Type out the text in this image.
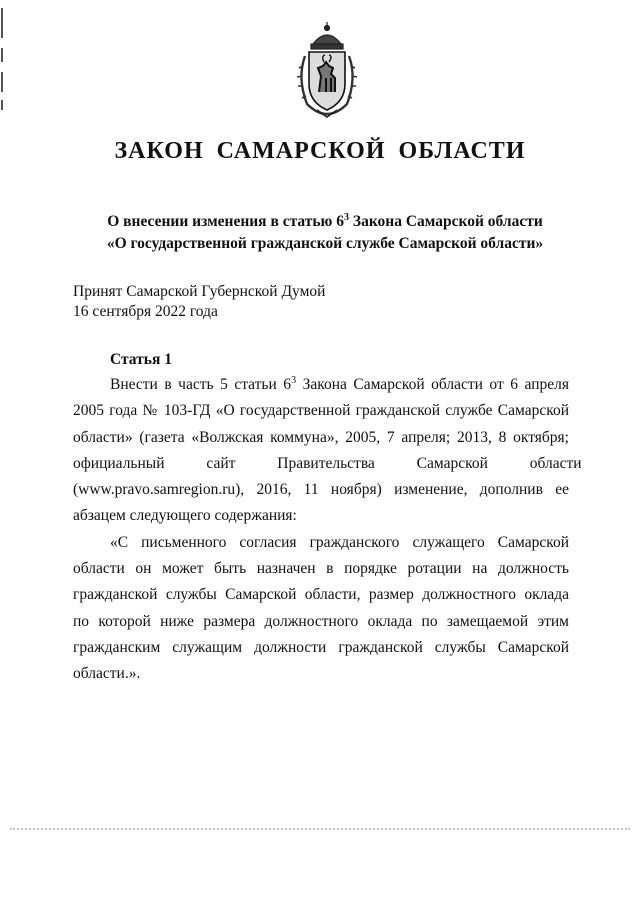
ЗАКОН САМАРСКОЙ ОБЛАСТИ
О внесении изменения в статью $6^3$ Закона Самарской области
«О государственной гражданской службе Самарской области»
Принят Самарской Губернской Думой
16 сентября 2022 года
Статья 1
Внести в часть 5 статьи $6^3$ Закона Самарской области от 6 апреля
2005 года № 103-ГД «О государственной гражданской службе Самарской
области» (газета «Волжская коммуна», 2005, 7 апреля; 2013, 8 октября;
официальный сайт Правительства Самарской области
(www.pravo.samregion.ru), 2016, 11 ноября) изменение, дополнив ее
абзацем следующего содержания:
«С письменного согласия гражданского служащего Самарской
области он может быть назначен в порядке ротации на должность
гражданской службы Самарской области, размер должностного оклада
по которой ниже размера должностного оклада по замещаемой этим
гражданским служащим должности гражданской службы Самарской
области.».
